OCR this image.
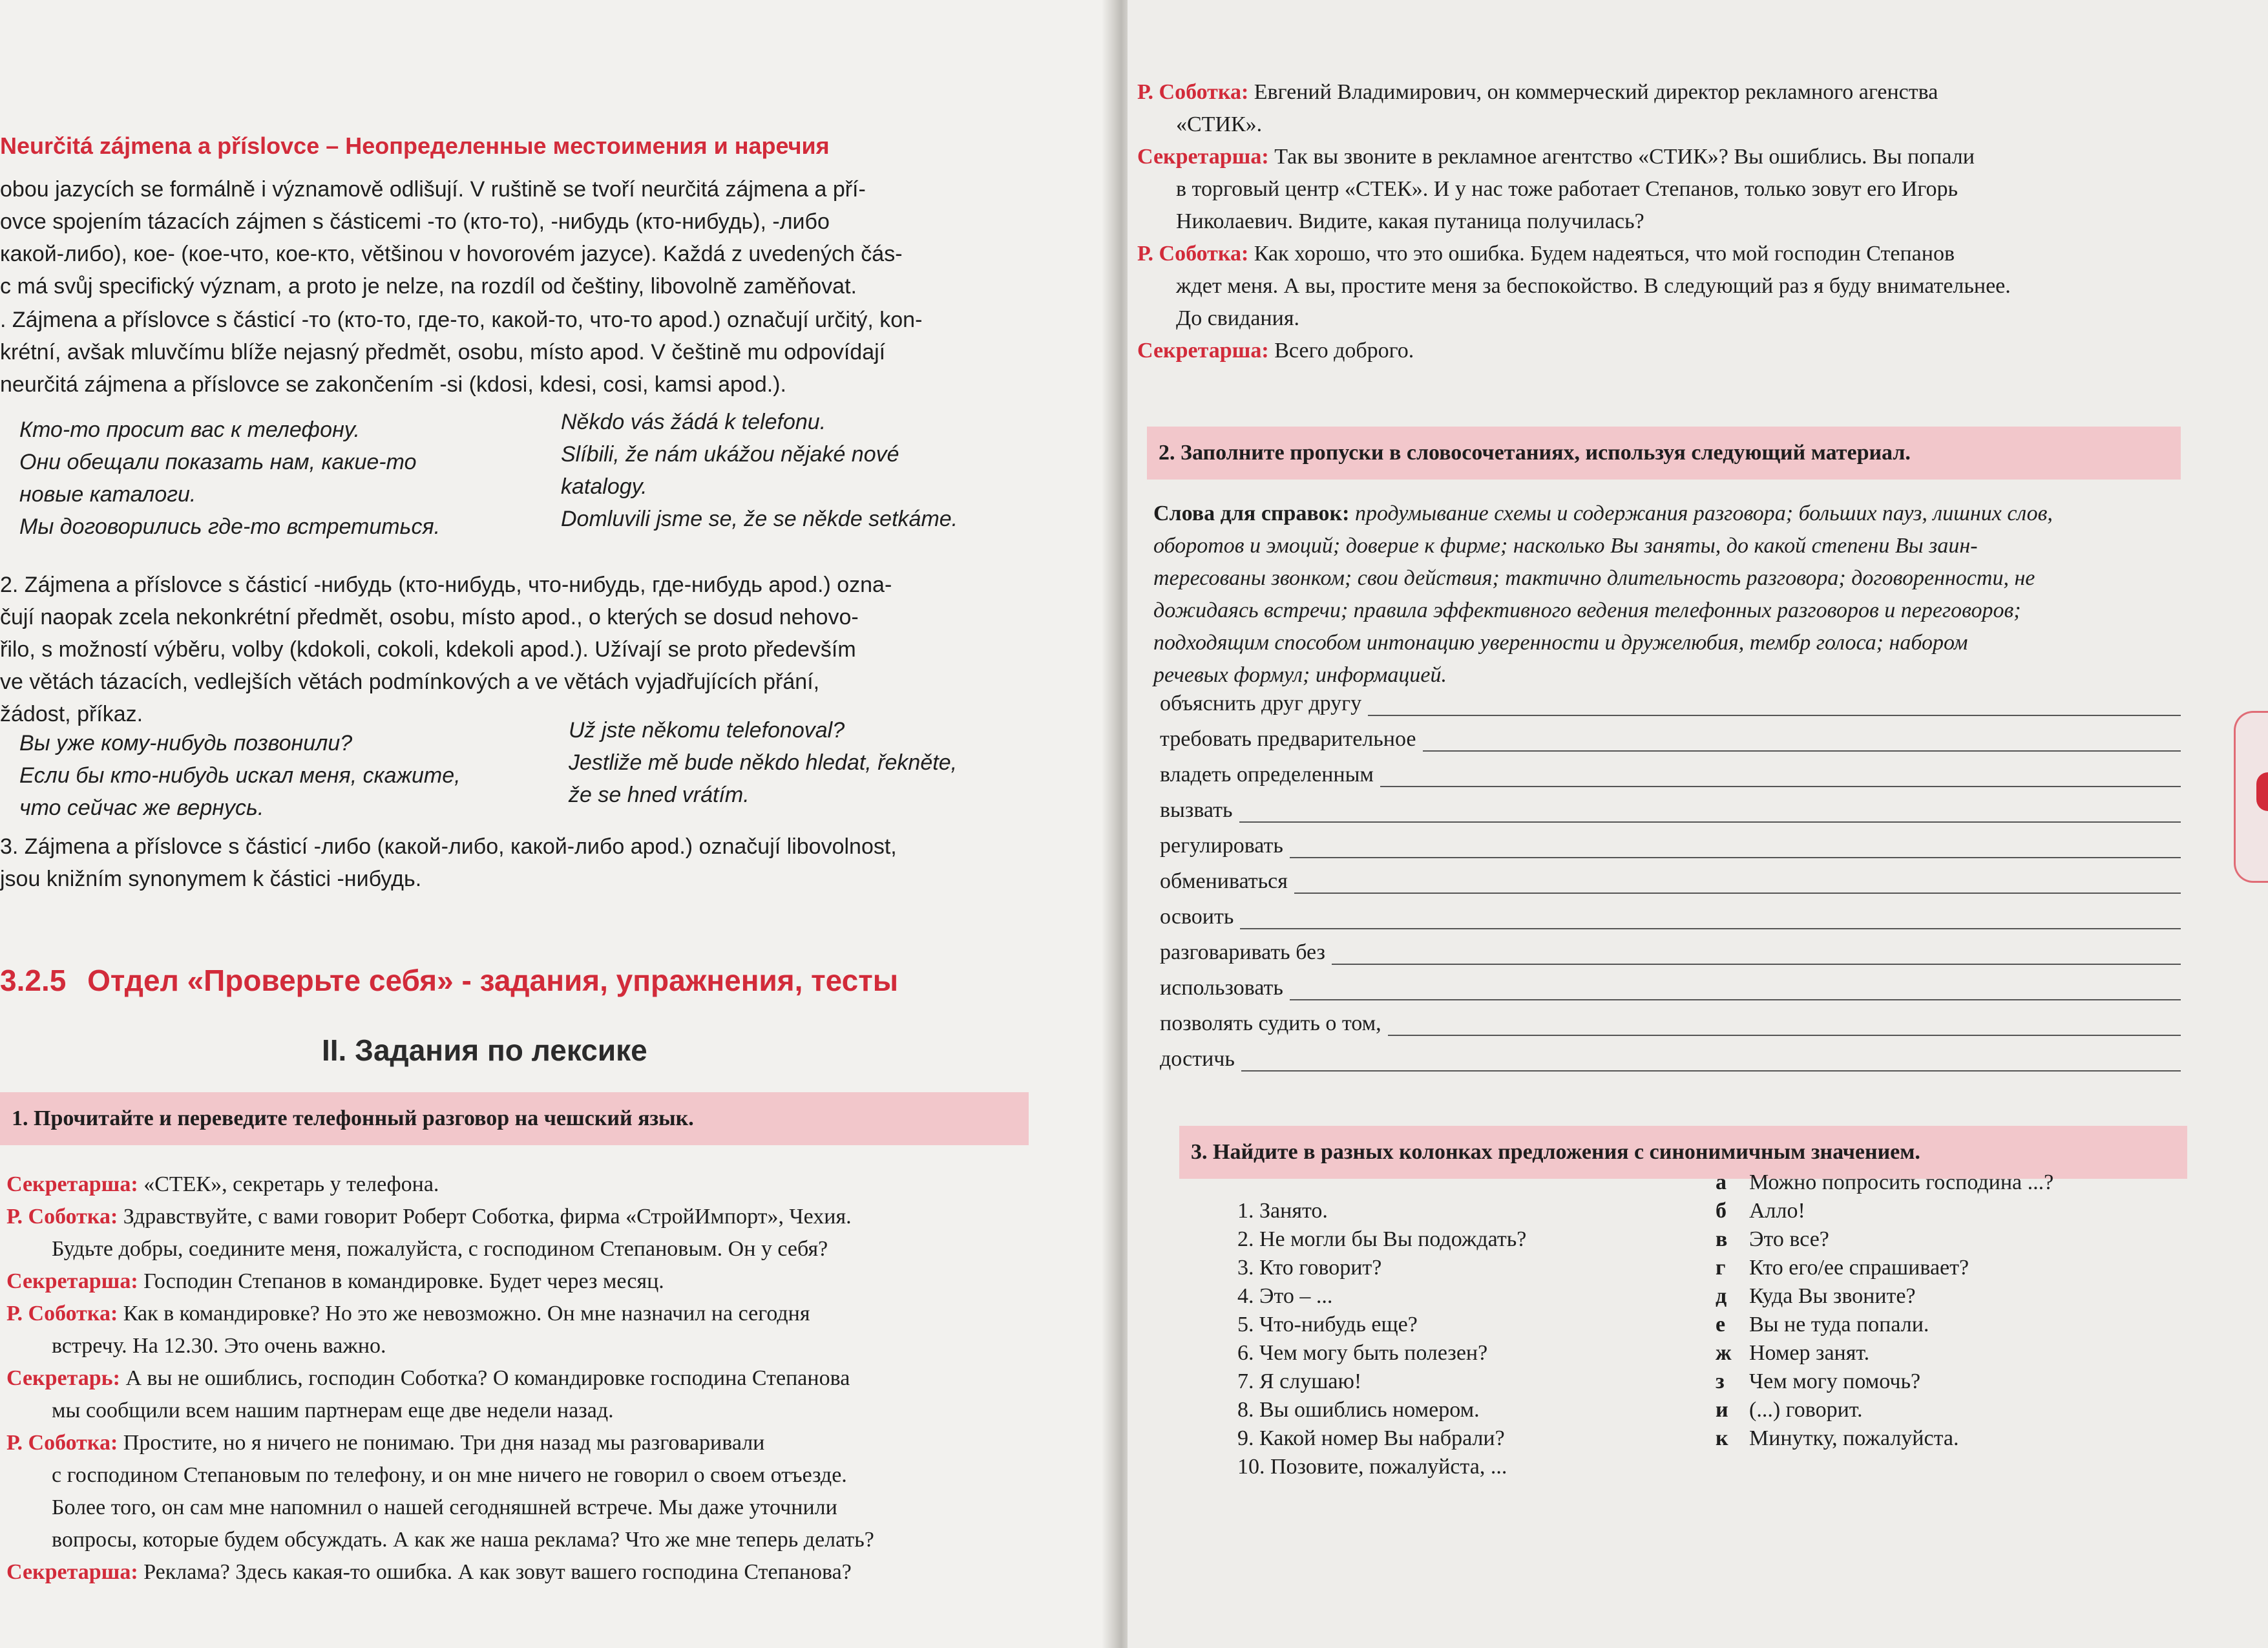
Neurčitá zájmena a příslovce – Неопределенные местоимения и наречия
obou jazycích se formálně i významově odlišují. V ruštině se tvoří neurčitá zájmena a pří-
ovce spojením tázacích zájmen s částicemi -то (кто-то), -нибудь (кто-нибудь), -либо
какой-либо), кое- (кое-что, кое-кто, většinou v hovorovém jazyce). Každá z uvedených čás-
c má svůj specifický význam, a proto je nelze, na rozdíl od češtiny, libovolně zaměňovat.
. Zájmena a příslovce s částicí -то (кто-то, где-то, какой-то, что-то apod.) označují určitý, kon-
krétní, avšak mluvčímu blíže nejasný předmět, osobu, místo apod. V češtině mu odpovídají
neurčitá zájmena a příslovce se zakončením -si (kdosi, kdesi, cosi, kamsi apod.).
Кто-то просит вас к телефону.
Они обещали показать нам, какие-то
новые каталоги.
Мы договорились где-то встретиться.
Někdo vás žádá k telefonu.
Slíbili, že nám ukážou nějaké nové
katalogy.
Domluvili jsme se, že se někde setkáme.
2. Zájmena a příslovce s částicí -нибудь (кто-нибудь, что-нибудь, где-нибудь apod.) ozna-
čují naopak zcela nekonkrétní předmět, osobu, místo apod., o kterých se dosud nehovo-
řilo, s možností výběru, volby (kdokoli, cokoli, kdekoli apod.). Užívají se proto především
ve větách tázacích, vedlejších větách podmínkových a ve větách vyjadřujících přání,
žádost, příkaz.
Вы уже кому-нибудь позвонили?
Если бы кто-нибудь искал меня, скажите,
что сейчас же вернусь.
Už jste někomu telefonoval?
Jestliže mě bude někdo hledat, řekněte,
že se hned vrátím.
3. Zájmena a příslovce s částicí -либо (какой-либо, какой-либо apod.) označují libovolnost,
jsou knižním synonymem k částici -нибудь.
3.2.5 Отдел «Проверьте себя» - задания, упражнения, тесты
II. Задания по лексике
1. Прочитайте и переведите телефонный разговор на чешский язык.
Секретарша: «СТЕК», секретарь у телефона.
Р. Соботка: Здравствуйте, с вами говорит Роберт Соботка, фирма «СтройИмпорт», Чехия.
Будьте добры, соедините меня, пожалуйста, с господином Степановым. Он у себя?
Секретарша: Господин Степанов в командировке. Будет через месяц.
Р. Соботка: Как в командировке? Но это же невозможно. Он мне назначил на сегодня
встречу. На 12.30. Это очень важно.
Секретарь: А вы не ошиблись, господин Соботка? О командировке господина Степанова
мы сообщили всем нашим партнерам еще две недели назад.
Р. Соботка: Простите, но я ничего не понимаю. Три дня назад мы разговаривали
с господином Степановым по телефону, и он мне ничего не говорил о своем отъезде.
Более того, он сам мне напомнил о нашей сегодняшней встрече. Мы даже уточнили
вопросы, которые будем обсуждать. А как же наша реклама? Что же мне теперь делать?
Секретарша: Реклама? Здесь какая-то ошибка. А как зовут вашего господина Степанова?
Р. Соботка: Евгений Владимирович, он коммерческий директор рекламного агенства
«СТИК».
Секретарша: Так вы звоните в рекламное агентство «СТИК»? Вы ошиблись. Вы попали
в торговый центр «СТЕК». И у нас тоже работает Степанов, только зовут его Игорь
Николаевич. Видите, какая путаница получилась?
Р. Соботка: Как хорошо, что это ошибка. Будем надеяться, что мой господин Степанов
ждет меня. А вы, простите меня за беспокойство. В следующий раз я буду внимательнее.
До свидания.
Секретарша: Всего доброго.
2. Заполните пропуски в словосочетаниях, используя следующий материал.
Слова для справок: продумывание схемы и содержания разговора; больших пауз, лишних слов,
оборотов и эмоций; доверие к фирме; насколько Вы заняты, до какой степени Вы заин-
тересованы звонком; свои действия; тактично длительность разговора; договоренности, не
дожидаясь встречи; правила эффективного ведения телефонных разговоров и переговоров;
подходящим способом интонацию уверенности и дружелюбия, тембр голоса; набором
речевых формул; информацией.
объяснить друг другу
требовать предварительное
владеть определенным
вызвать
регулировать
обмениваться
освоить
разговаривать без
использовать
позволять судить о том,
достичь
3. Найдите в разных колонках предложения с синонимичным значением.
1. Занято.
2. Не могли бы Вы подождать?
3. Кто говорит?
4. Это – ...
5. Что-нибудь еще?
6. Чем могу быть полезен?
7. Я слушаю!
8. Вы ошиблись номером.
9. Какой номер Вы набрали?
10. Позовите, пожалуйста, ...
а Можно попросить господина ...?
б Алло!
в Это все?
г Кто его/ее спрашивает?
д Куда Вы звоните?
е Вы не туда попали.
ж Номер занят.
з Чем могу помочь?
и (...) говорит.
к Минутку, пожалуйста.
